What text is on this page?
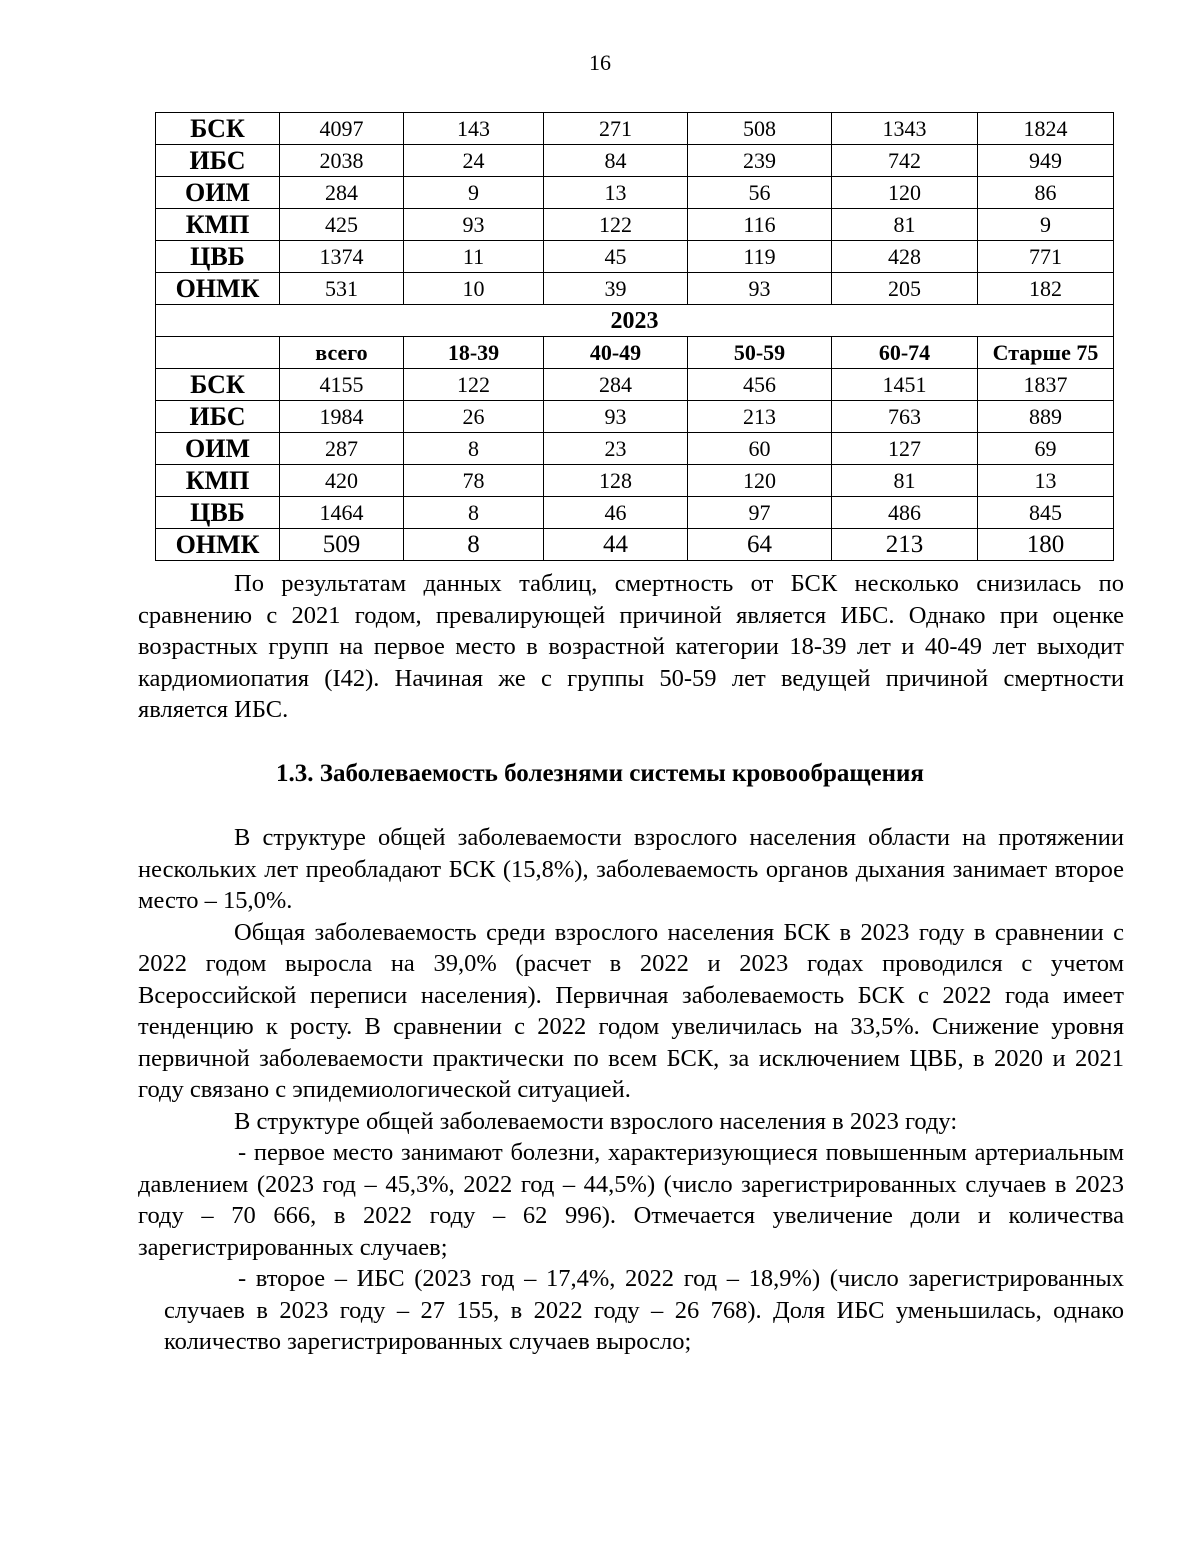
16
БСК	4097	143	271	508	1343	1824
ИБС	2038	24	84	239	742	949
ОИМ	284	9	13	56	120	86
КМП	425	93	122	116	81	9
ЦВБ	1374	11	45	119	428	771
ОНМК	531	10	39	93	205	182
2023						
	всего	18-39	40-49	50-59	60-74	Старше 75
БСК	4155	122	284	456	1451	1837
ИБС	1984	26	93	213	763	889
ОИМ	287	8	23	60	127	69
КМП	420	78	128	120	81	13
ЦВБ	1464	8	46	97	486	845
ОНМК	509	8	44	64	213	180

По результатам данных таблиц, смертность от БСК несколько снизилась по сравнению с 2021 годом, превалирующей причиной является ИБС. Однако при оценке возрастных групп на первое место в возрастной категории 18-39 лет и 40-49 лет выходит кардиомиопатия (I42). Начиная же с группы 50-59 лет ведущей причиной смертности является ИБС.

1.3. Заболеваемость болезнями системы кровообращения

В структуре общей заболеваемости взрослого населения области на протяжении нескольких лет преобладают БСК (15,8%), заболеваемость органов дыхания занимает второе место – 15,0%.

Общая заболеваемость среди взрослого населения БСК в 2023 году в сравнении с 2022 годом выросла на 39,0% (расчет в 2022 и 2023 годах проводился с учетом Всероссийской переписи населения). Первичная заболеваемость БСК с 2022 года имеет тенденцию к росту. В сравнении с 2022 годом увеличилась на 33,5%. Снижение уровня первичной заболеваемости практически по всем БСК, за исключением ЦВБ, в 2020 и 2021 году связано с эпидемиологической ситуацией.

В структуре общей заболеваемости взрослого населения в 2023 году:

- первое место занимают болезни, характеризующиеся повышенным артериальным давлением (2023 год – 45,3%, 2022 год – 44,5%) (число зарегистрированных случаев в 2023 году – 70 666, в 2022 году – 62 996). Отмечается увеличение доли и количества зарегистрированных случаев;

- второе – ИБС (2023 год – 17,4%, 2022 год – 18,9%) (число зарегистрированных случаев в 2023 году – 27 155, в 2022 году – 26 768). Доля ИБС уменьшилась, однако количество зарегистрированных случаев выросло;
